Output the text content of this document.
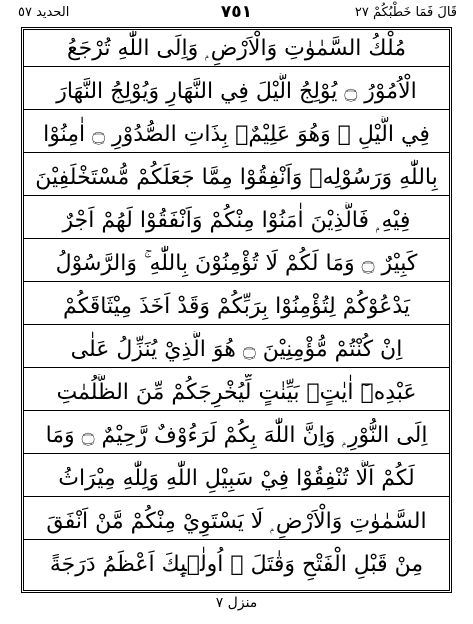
الحديد ٥٧	٧٥١	قَالَ فَمَا خَطْبُكُمْ ٢٧
مُلْكُ السَّمٰوٰتِ وَالْاَرْضِ ۭ وَاِلَى اللّٰهِ تُرْجَعُ
الْاُمُوْرُ ۝ يُوْلِجُ الَّيْلَ فِي النَّهَارِ وَيُوْلِجُ النَّهَارَ
فِي الَّيْلِ ۭ وَهُوَ عَلِيْمٌۢ بِذَاتِ الصُّدُوْرِ ۝ اٰمِنُوْا
بِاللّٰهِ وَرَسُوْلِهٖ وَاَنْفِقُوْا مِمَّا جَعَلَكُمْ مُّسْتَخْلَفِيْنَ
فِيْهِ ۭ فَالَّذِيْنَ اٰمَنُوْا مِنْكُمْ وَاَنْفَقُوْا لَهُمْ اَجْرٌ
كَبِيْرٌ ۝ وَمَا لَكُمْ لَا تُؤْمِنُوْنَ بِاللّٰهِ ۚ وَالرَّسُوْلُ
يَدْعُوْكُمْ لِتُؤْمِنُوْا بِرَبِّكُمْ وَقَدْ اَخَذَ مِيْثَاقَكُمْ
اِنْ كُنْتُمْ مُّؤْمِنِيْنَ ۝ هُوَ الَّذِيْ يُنَزِّلُ عَلٰى
عَبْدِهٖٓ اٰيٰتٍۢ بَيِّنٰتٍ لِّيُخْرِجَكُمْ مِّنَ الظُّلُمٰتِ
اِلَى النُّوْرِ ۭ وَاِنَّ اللّٰهَ بِكُمْ لَرَءُوْفٌ رَّحِيْمٌ ۝ وَمَا
لَكُمْ اَلَّا تُنْفِقُوْا فِيْ سَبِيْلِ اللّٰهِ وَلِلّٰهِ مِيْرَاثُ
السَّمٰوٰتِ وَالْاَرْضِ ۭ لَا يَسْتَوِيْ مِنْكُمْ مَّنْ اَنْفَقَ
مِنْ قَبْلِ الْفَتْحِ وَقٰتَلَ ۭ اُولٰۗىِٕكَ اَعْظَمُ دَرَجَةً
منزل ٧
